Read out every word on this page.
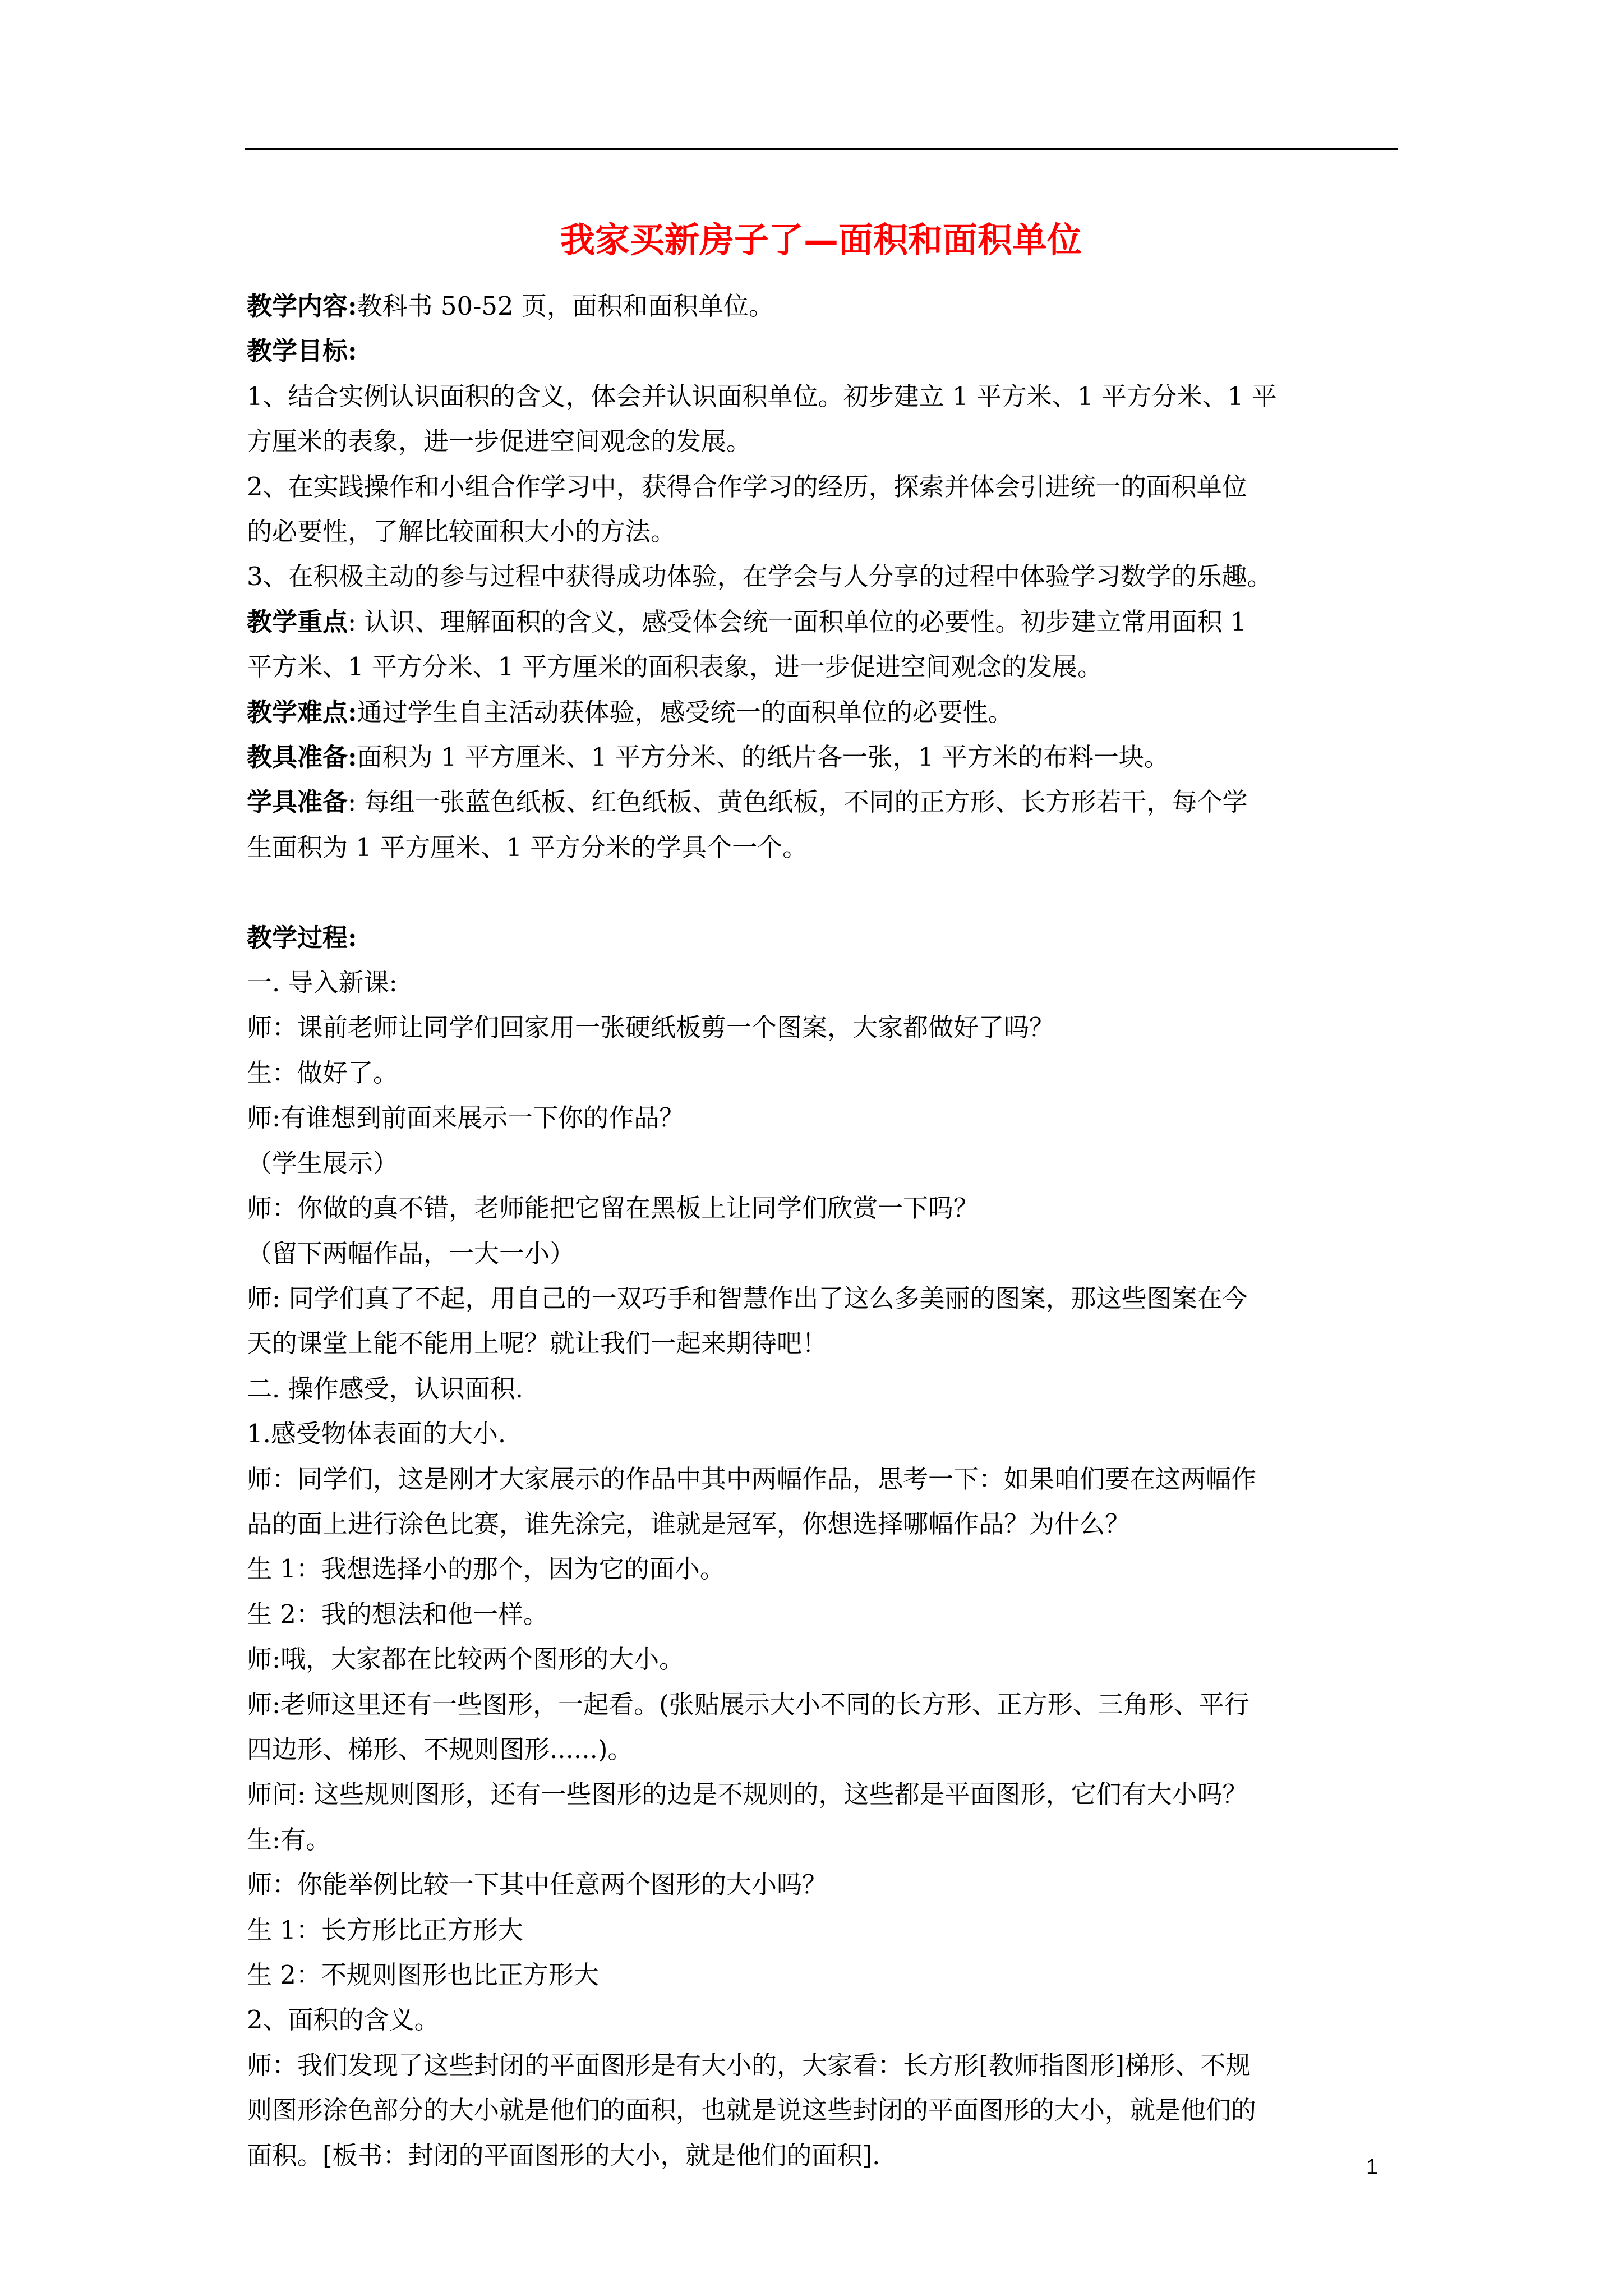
我家买新房子了—面积和面积单位

教学内容:教科书 50-52 页，面积和面积单位。

教学目标:

1、结合实例认识面积的含义，体会并认识面积单位。初步建立 1 平方米、1 平方分米、1 平

方厘米的表象，进一步促进空间观念的发展。

2、在实践操作和小组合作学习中，获得合作学习的经历，探索并体会引进统一的面积单位

的必要性，了解比较面积大小的方法。

3、在积极主动的参与过程中获得成功体验，在学会与人分享的过程中体验学习数学的乐趣。

教学重点: 认识、理解面积的含义，感受体会统一面积单位的必要性。初步建立常用面积 1

平方米、1 平方分米、1 平方厘米的面积表象，进一步促进空间观念的发展。

教学难点:通过学生自主活动获体验，感受统一的面积单位的必要性。

教具准备:面积为 1 平方厘米、1 平方分米、的纸片各一张，1 平方米的布料一块。

学具准备: 每组一张蓝色纸板、红色纸板、黄色纸板，不同的正方形、长方形若干，每个学

生面积为 1 平方厘米、1 平方分米的学具个一个。

教学过程:

一. 导入新课:

师：课前老师让同学们回家用一张硬纸板剪一个图案，大家都做好了吗？

生：做好了。

师:有谁想到前面来展示一下你的作品？

（学生展示）

师：你做的真不错，老师能把它留在黑板上让同学们欣赏一下吗？

（留下两幅作品，一大一小）

师: 同学们真了不起，用自己的一双巧手和智慧作出了这么多美丽的图案，那这些图案在今

天的课堂上能不能用上呢？就让我们一起来期待吧！

二. 操作感受，认识面积.

1.感受物体表面的大小.

师：同学们，这是刚才大家展示的作品中其中两幅作品，思考一下：如果咱们要在这两幅作

品的面上进行涂色比赛，谁先涂完，谁就是冠军，你想选择哪幅作品？为什么？

生 1：我想选择小的那个，因为它的面小。

生 2：我的想法和他一样。

师:哦，大家都在比较两个图形的大小。

师:老师这里还有一些图形，一起看。(张贴展示大小不同的长方形、正方形、三角形、平行

四边形、梯形、不规则图形......)。

师问: 这些规则图形，还有一些图形的边是不规则的，这些都是平面图形，它们有大小吗？

生:有。

师：你能举例比较一下其中任意两个图形的大小吗？

生 1：长方形比正方形大

生 2：不规则图形也比正方形大

2、面积的含义。

师：我们发现了这些封闭的平面图形是有大小的，大家看：长方形[教师指图形]梯形、不规

则图形涂色部分的大小就是他们的面积，也就是说这些封闭的平面图形的大小，就是他们的

面积。[板书：封闭的平面图形的大小，就是他们的面积].	1
